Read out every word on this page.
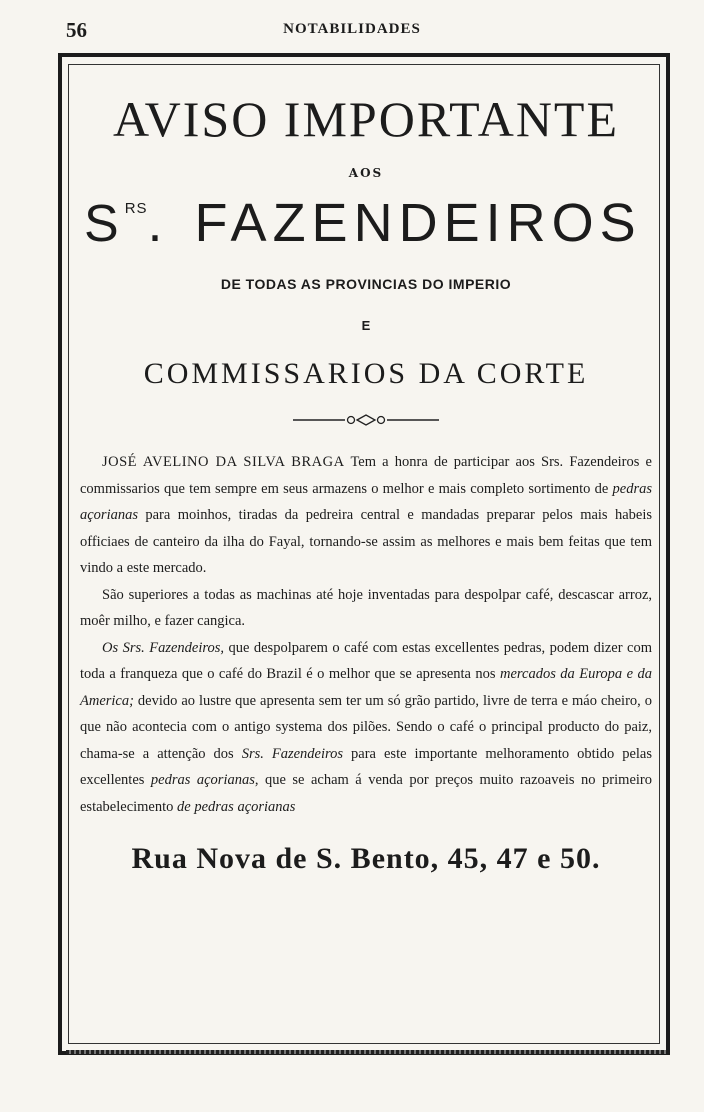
56	NOTABILIDADES
AVISO IMPORTANTE
AOS
$S^{RS}$. FAZENDEIROS
DE TODAS AS PROVINCIAS DO IMPERIO
E
COMMISSARIOS DA CORTE

JOSÉ AVELINO DA SILVA BRAGA Tem a honra de participar aos Srs. Fazendeiros e commissarios que tem sempre em seus armazens o melhor e mais completo sortimento de pedras açorianas para moinhos, tiradas da pedreira central e mandadas preparar pelos mais habeis officiaes de canteiro da ilha do Fayal, tornando-se assim as melhores e mais bem feitas que tem vindo a este mercado.

São superiores a todas as machinas até hoje inventadas para despolpar café, descascar arroz, moêr milho, e fazer cangica.

Os Srs. Fazendeiros, que despolparem o café com estas excellentes pedras, podem dizer com toda a franqueza que o café do Brazil é o melhor que se apresenta nos mercados da Europa e da America; devido ao lustre que apresenta sem ter um só grão partido, livre de terra e máo cheiro, o que não acontecia com o antigo systema dos pilões. Sendo o café o principal producto do paiz, chama-se a attenção dos Srs. Fazendeiros para este importante melhoramento obtido pelas excellentes pedras açorianas, que se acham á venda por preços muito razoaveis no primeiro estabelecimento de pedras açorianas

Rua Nova de S. Bento, 45, 47 e 50.
